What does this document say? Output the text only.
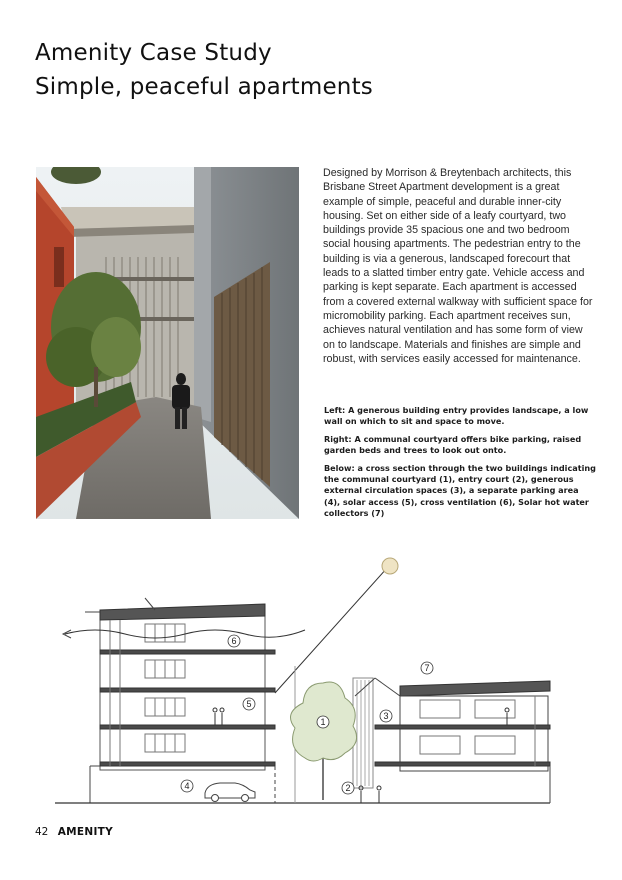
Amenity Case Study
Simple, peaceful apartments

Designed by Morrison & Breytenbach architects, this Brisbane Street Apartment development is a great example of simple, peaceful and durable inner-city housing. Set on either side of a leafy courtyard, two buildings provide 35 spacious one and two bedroom social housing apartments. The pedestrian entry to the building is via a generous, landscaped forecourt that leads to a slatted timber entry gate. Vehicle access and parking is kept separate. Each apartment is accessed from a covered external walkway with sufficient space for micromobility parking. Each apartment receives sun, achieves natural ventilation and has some form of view on to landscape. Materials and finishes are simple and robust, with services easily accessed for maintenance.

Left: A generous building entry provides landscape, a low wall on which to sit and space to move.

Right: A communal courtyard offers bike parking, raised garden beds and trees to look out onto.

Below: a cross section through the two buildings indicating the communal courtyard (1), entry court (2), generous external circulation spaces (3), a separate parking area (4), solar access (5), cross ventilation (6), Solar hot water collectors (7)

1
2
3
4
5
6
7
42 AMENITY
